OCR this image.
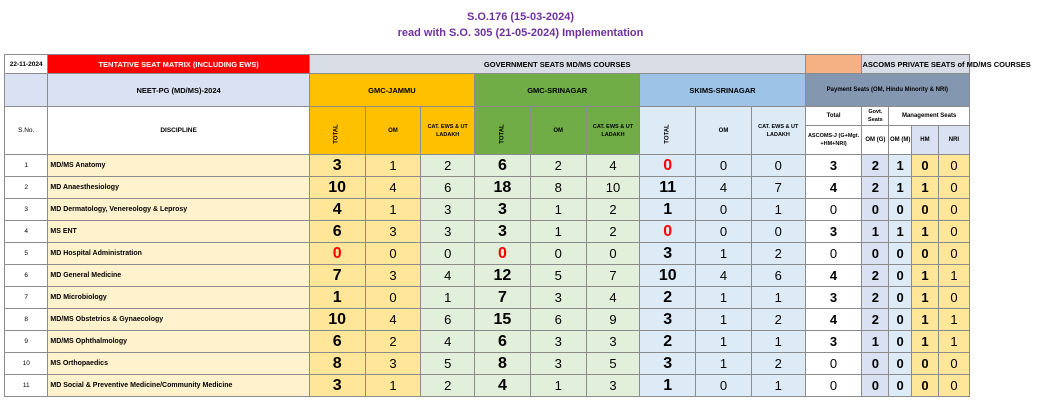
S.O.176 (15-03-2024)
read with S.O. 305 (21-05-2024) Implementation
22-11-2024	TENTATIVE SEAT MATRIX (INCLUDING EWS)	GOVERNMENT SEATS MD/MS COURSES										ASCOMS PRIVATE SEATS of MD/MS COURSES			
	NEET-PG (MD/MS)-2024	GMC-JAMMU			GMC-SRINAGAR			SKIMS-SRINAGAR			Payment Seats (OM, Hindu Minority & NRI)				
S.No.	DISCIPLINE	TOTAL	OM	CAT. EWS & UT LADAKH	TOTAL	OM	CAT. EWS & UT LADAKH	TOTAL	OM	CAT. EWS & UT LADAKH	Total	Govt. Seats	Management Seats		
											ASCOMS-J (G+Mgt. +HM+NRI)	OM (G)	OM (M)	HM	NRI
1	MD/MS Anatomy	3	1	2	6	2	4	0	0	0	3	2	1	0	0
2	MD Anaesthesiology	10	4	6	18	8	10	11	4	7	4	2	1	1	0
3	MD Dermatology, Venereology & Leprosy	4	1	3	3	1	2	1	0	1	0	0	0	0	0
4	MS ENT	6	3	3	3	1	2	0	0	0	3	1	1	1	0
5	MD Hospital Administration	0	0	0	0	0	0	3	1	2	0	0	0	0	0
6	MD General Medicine	7	3	4	12	5	7	10	4	6	4	2	0	1	1
7	MD Microbiology	1	0	1	7	3	4	2	1	1	3	2	0	1	0
8	MD/MS Obstetrics & Gynaecology	10	4	6	15	6	9	3	1	2	4	2	0	1	1
9	MD/MS Ophthalmology	6	2	4	6	3	3	2	1	1	3	1	0	1	1
10	MS Orthopaedics	8	3	5	8	3	5	3	1	2	0	0	0	0	0
11	MD Social & Preventive Medicine/Community Medicine	3	1	2	4	1	3	1	0	1	0	0	0	0	0
